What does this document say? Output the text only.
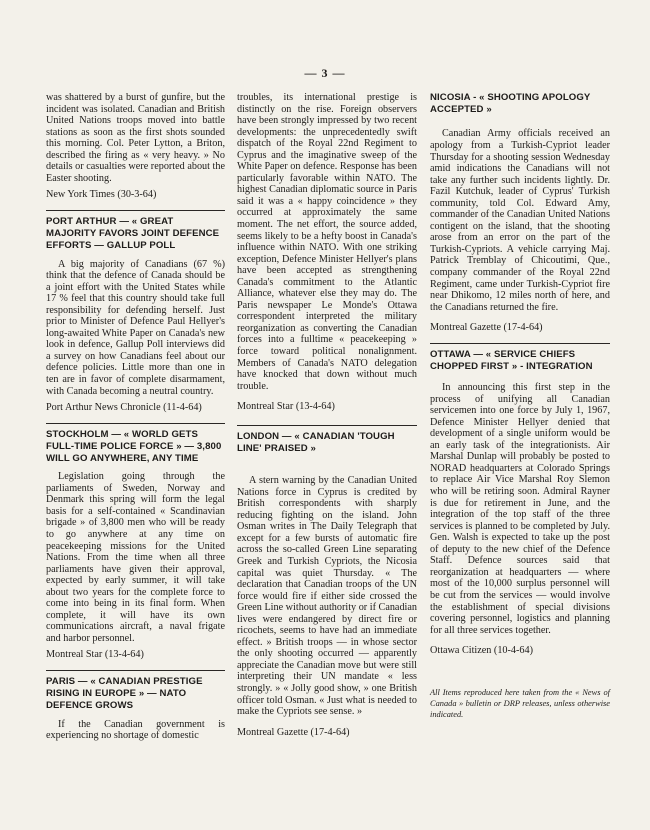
— 3 —

was shattered by a burst of gunfire, but the incident was isolated. Canadian and British United Nations troops moved into battle stations as soon as the first shots sounded this morning. Col. Peter Lytton, a Briton, described the firing as « very heavy. » No details or casualties were reported about the Easter shooting.

New York Times (30-3-64)

PORT ARTHUR — « GREAT MAJORITY FAVORS JOINT DEFENCE EFFORTS — GALLUP POLL

A big majority of Canadians (67 %) think that the defence of Canada should be a joint effort with the United States while 17 % feel that this country should take full responsibility for defending herself. Just prior to Minister of Defence Paul Hellyer's long-awaited White Paper on Canada's new look in defence, Gallup Poll interviews did a survey on how Canadians feel about our defence policies. Little more than one in ten are in favor of complete disarmament, with Canada becoming a neutral country.

Port Arthur News Chronicle (11-4-64)

STOCKHOLM — « WORLD GETS FULL-TIME POLICE FORCE » — 3,800 WILL GO ANYWHERE, ANY TIME

Legislation going through the parliaments of Sweden, Norway and Denmark this spring will form the legal basis for a self-contained « Scandinavian brigade » of 3,800 men who will be ready to go anywhere at any time on peacekeeping missions for the United Nations. From the time when all three parliaments have given their approval, expected by early summer, it will take about two years for the complete force to come into being in its final form. When complete, it will have its own communications aircraft, a naval frigate and harbor personnel.

Montreal Star (13-4-64)

PARIS — « CANADIAN PRESTIGE RISING IN EUROPE » — NATO DEFENCE GROWS

If the Canadian government is experiencing no shortage of domestic

troubles, its international prestige is distinctly on the rise. Foreign observers have been strongly impressed by two recent developments: the unprecedentedly swift dispatch of the Royal 22nd Regiment to Cyprus and the imaginative sweep of the White Paper on defence. Response has been particularly favorable within NATO. The highest Canadian diplomatic source in Paris said it was a « happy coincidence » they occurred at approximately the same moment. The net effort, the source added, seems likely to be a hefty boost in Canada's influence within NATO. With one striking exception, Defence Minister Hellyer's plans have been accepted as strengthening Canada's commitment to the Atlantic Alliance, whatever else they may do. The Paris newspaper Le Monde's Ottawa correspondent interpreted the military reorganization as converting the Canadian forces into a fulltime « peacekeeping » force toward political nonalignment. Members of Canada's NATO delegation have knocked that down without much trouble.

Montreal Star (13-4-64)

LONDON — « CANADIAN 'TOUGH LINE' PRAISED »

A stern warning by the Canadian United Nations force in Cyprus is credited by British correspondents with sharply reducing fighting on the island. John Osman writes in The Daily Telegraph that except for a few bursts of automatic fire across the so-called Green Line separating Greek and Turkish Cypriots, the Nicosia capital was quiet Thursday. « The declaration that Canadian troops of the UN force would fire if either side crossed the Green Line without authority or if Canadian lives were endangered by direct fire or ricochets, seems to have had an immediate effect. » British troops — in whose sector the only shooting occurred — apparently appreciate the Canadian move but were still interpreting their UN mandate « less strongly. » « Jolly good show, » one British officer told Osman. « Just what is needed to make the Cypriots see sense. »

Montreal Gazette (17-4-64)

NICOSIA - « SHOOTING APOLOGY ACCEPTED »

Canadian Army officials received an apology from a Turkish-Cypriot leader Thursday for a shooting session Wednesday amid indications the Canadians will not take any further such incidents lightly. Dr. Fazil Kutchuk, leader of Cyprus' Turkish community, told Col. Edward Amy, commander of the Canadian United Nations contigent on the island, that the shooting arose from an error on the part of the Turkish-Cypriots. A vehicle carrying Maj. Patrick Tremblay of Chicoutimi, Que., company commander of the Royal 22nd Regiment, came under Turkish-Cypriot fire near Dhikomo, 12 miles north of here, and the Canadians returned the fire.

Montreal Gazette (17-4-64)

OTTAWA — « SERVICE CHIEFS CHOPPED FIRST » - INTEGRATION

In announcing this first step in the process of unifying all Canadian servicemen into one force by July 1, 1967, Defence Minister Hellyer denied that development of a single uniform would be an early task of the integrationists. Air Marshal Dunlap will probably be posted to NORAD headquarters at Colorado Springs to replace Air Vice Marshal Roy Slemon who will be retiring soon. Admiral Rayner is due for retirement in June, and the integration of the top staff of the three services is planned to be completed by July. Gen. Walsh is expected to take up the post of deputy to the new chief of the Defence Staff. Defence sources said that reorganization at headquarters — where most of the 10,000 surplus personnel will be cut from the services — would involve the establishment of special divisions covering personnel, logistics and planning for all three services together.

Ottawa Citizen (10-4-64)

All Items reproduced here taken from the « News of Canada » bulletin or DRP releases, unless otherwise indicated.
